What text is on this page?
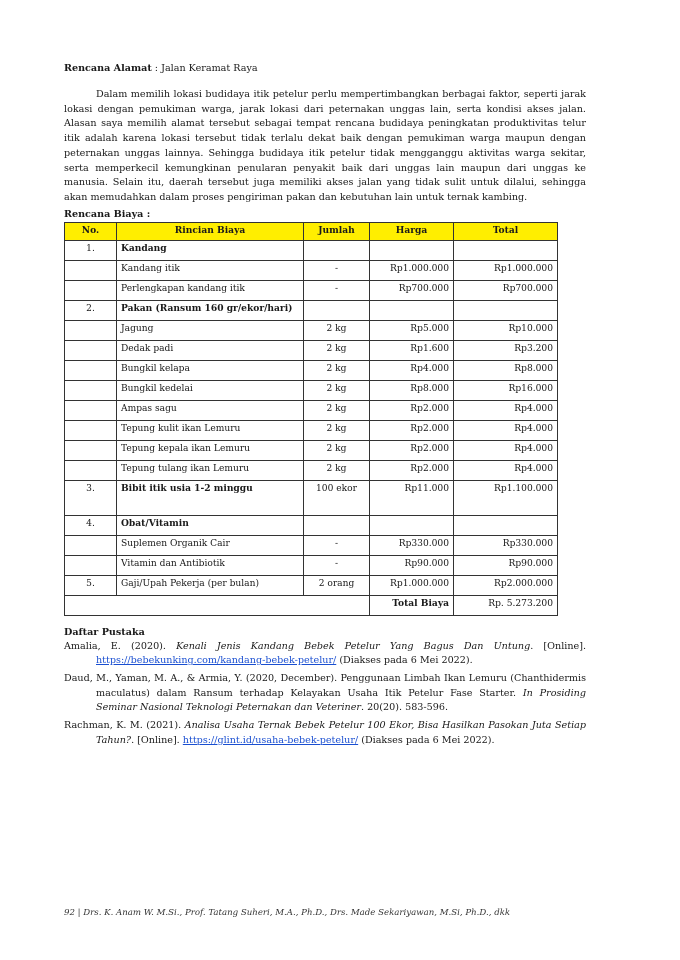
Rencana Alamat : Jalan Keramat Raya

Dalam memilih lokasi budidaya itik petelur perlu mempertimbangkan berbagai faktor, seperti jarak lokasi dengan pemukiman warga, jarak lokasi dari peternakan unggas lain, serta kondisi akses jalan. Alasan saya memilih alamat tersebut sebagai tempat rencana budidaya peningkatan produktivitas telur itik adalah karena lokasi tersebut tidak terlalu dekat baik dengan pemukiman warga maupun dengan peternakan unggas lainnya. Sehingga budidaya itik petelur tidak mengganggu aktivitas warga sekitar, serta memperkecil kemungkinan penularan penyakit baik dari unggas lain maupun dari unggas ke manusia. Selain itu, daerah tersebut juga memiliki akses jalan yang tidak sulit untuk dilalui, sehingga akan memudahkan dalam proses pengiriman pakan dan kebutuhan lain untuk ternak kambing.

Rencana Biaya :
No.	Rincian Biaya	Jumlah	Harga	Total
1.	Kandang			
	Kandang itik	-	Rp1.000.000	Rp1.000.000
	Perlengkapan kandang itik	-	Rp700.000	Rp700.000
2.	Pakan (Ransum 160 gr/ekor/hari)			
	Jagung	2 kg	Rp5.000	Rp10.000
	Dedak padi	2 kg	Rp1.600	Rp3.200
	Bungkil kelapa	2 kg	Rp4.000	Rp8.000
	Bungkil kedelai	2 kg	Rp8.000	Rp16.000
	Ampas sagu	2 kg	Rp2.000	Rp4.000
	Tepung kulit ikan Lemuru	2 kg	Rp2.000	Rp4.000
	Tepung kepala ikan Lemuru	2 kg	Rp2.000	Rp4.000
	Tepung tulang ikan Lemuru	2 kg	Rp2.000	Rp4.000
3.	Bibit itik usia 1-2 minggu	100 ekor	Rp11.000	Rp1.100.000
4.	Obat/Vitamin			
	Suplemen Organik Cair	-	Rp330.000	Rp330.000
	Vitamin dan Antibiotik	-	Rp90.000	Rp90.000
5.	Gaji/Upah Pekerja (per bulan)	2 orang	Rp1.000.000	Rp2.000.000
			Total Biaya	Rp. 5.273.200
Daftar Pustaka

Amalia, E. (2020). Kenali Jenis Kandang Bebek Petelur Yang Bagus Dan Untung. [Online]. https://bebekunking.com/kandang-bebek-petelur/ (Diakses pada 6 Mei 2022).

Daud, M., Yaman, M. A., & Armia, Y. (2020, December). Penggunaan Limbah Ikan Lemuru (Chanthidermis maculatus) dalam Ransum terhadap Kelayakan Usaha Itik Petelur Fase Starter. In Prosiding Seminar Nasional Teknologi Peternakan dan Veteriner. 20(20). 583-596.

Rachman, K. M. (2021). Analisa Usaha Ternak Bebek Petelur 100 Ekor, Bisa Hasilkan Pasokan Juta Setiap Tahun?. [Online]. https://glint.id/usaha-bebek-petelur/ (Diakses pada 6 Mei 2022).

92 | Drs. K. Anam W. M.Si., Prof. Tatang Suheri, M.A., Ph.D., Drs. Made Sekariyawan, M.Si, Ph.D., dkk
